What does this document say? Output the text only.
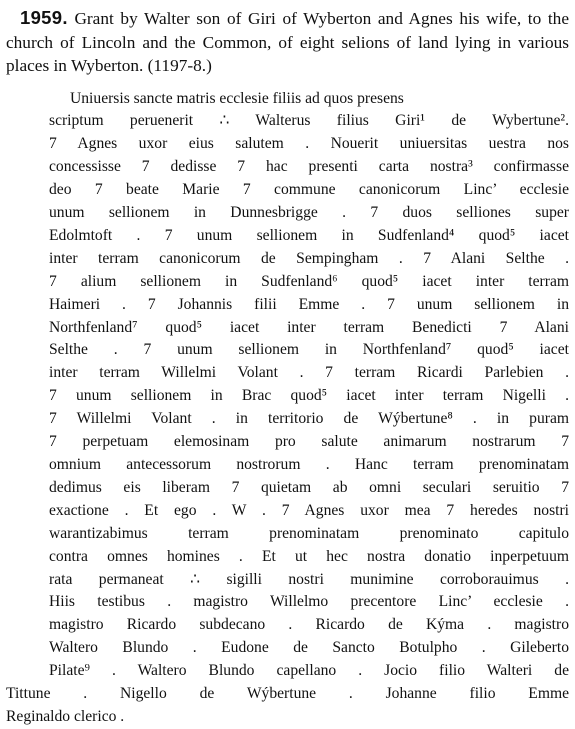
1959. Grant by Walter son of Giri of Wyberton and Agnes his wife, to the church of Lincoln and the Common, of eight selions of land lying in various places in Wyberton. (1197-8.)

Uniuersis sancte matris ecclesie filiis ad quos presens
scriptum peruenerit ∴ Walterus filius Giri¹ de Wybertune².
7 Agnes uxor eius salutem . Nouerit uniuersitas uestra nos
concessisse 7 dedisse 7 hac presenti carta nostra³ confirmasse
deo 7 beate Marie 7 commune canonicorum Linc’ ecclesie
unum sellionem in Dunnesbrigge . 7 duos selliones super
Edolmtoft . 7 unum sellionem in Sudfenland⁴ quod⁵ iacet
inter terram canonicorum de Sempingham . 7 Alani Selthe .
7 alium sellionem in Sudfenland⁶ quod⁵ iacet inter terram
Haimeri . 7 Johannis filii Emme . 7 unum sellionem in
Northfenland⁷ quod⁵ iacet inter terram Benedicti 7 Alani
Selthe . 7 unum sellionem in Northfenland⁷ quod⁵ iacet
inter terram Willelmi Volant . 7 terram Ricardi Parlebien .
7 unum sellionem in Brac quod⁵ iacet inter terram Nigelli .
7 Willelmi Volant . in territorio de Wýbertune⁸ . in puram
7 perpetuam elemosinam pro salute animarum nostrarum 7
omnium antecessorum nostrorum . Hanc terram prenominatam
dedimus eis liberam 7 quietam ab omni seculari seruitio 7
exactione . Et ego . W . 7 Agnes uxor mea 7 heredes nostri
warantizabimus terram prenominatam prenominato capitulo
contra omnes homines . Et ut hec nostra donatio inperpetuum
rata permaneat ∴ sigilli nostri munimine corroborauimus .
Hiis testibus . magistro Willelmo precentore Linc’ ecclesie .
magistro Ricardo subdecano . Ricardo de Kýma . magistro
Waltero Blundo . Eudone de Sancto Botulpho . Gileberto
Pilate⁹ . Waltero Blundo capellano . Jocio filio Walteri de
Tittune . Nigello de Wýbertune . Johanne filio Emme
Reginaldo clerico .
